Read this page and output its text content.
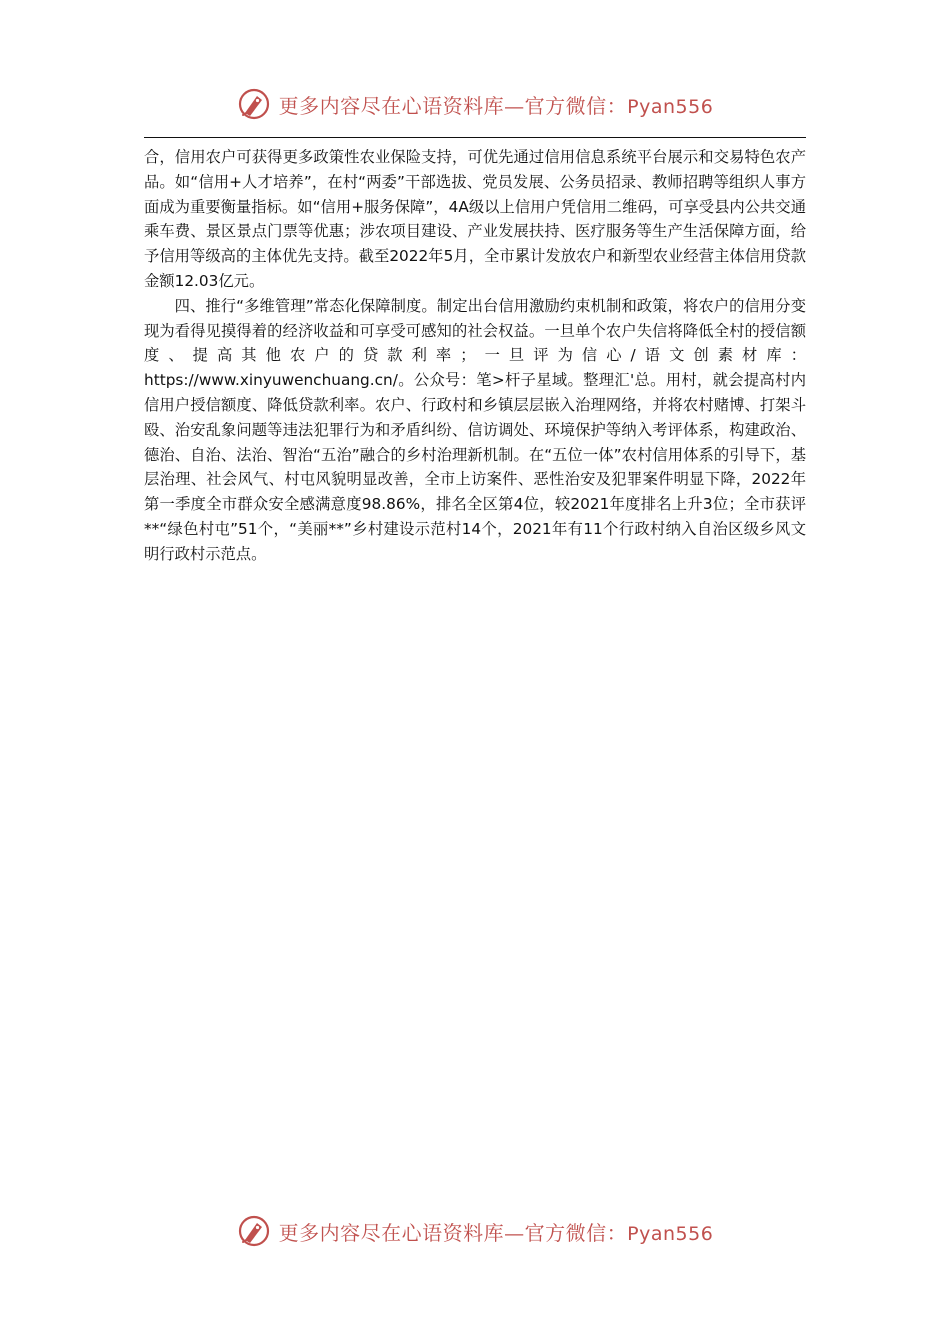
更多内容尽在心语资料库—官方微信：Pyan556

合，信用农户可获得更多政策性农业保险支持，可优先通过信用信息系统平台展示和交易特色农产品。如“信用+人才培养”，在村“两委”干部选拔、党员发展、公务员招录、教师招聘等组织人事方面成为重要衡量指标。如“信用+服务保障”，4A级以上信用户凭信用二维码，可享受县内公共交通乘车费、景区景点门票等优惠；涉农项目建设、产业发展扶持、医疗服务等生产生活保障方面，给予信用等级高的主体优先支持。截至2022年5月，全市累计发放农户和新型农业经营主体信用贷款金额12.03亿元。

四、推行“多维管理”常态化保障制度。制定出台信用激励约束机制和政策，将农户的信用分变现为看得见摸得着的经济收益和可享受可感知的社会权益。一旦单个农户失信将降低全村的授信额度、提高其他农户的贷款利率；一旦评为信心/语文创素材库：https://www.xinyuwenchuang.cn/。公众号：笔>杆子星域。整理汇'总。用村，就会提高村内信用户授信额度、降低贷款利率。农户、行政村和乡镇层层嵌入治理网络，并将农村赌博、打架斗殴、治安乱象问题等违法犯罪行为和矛盾纠纷、信访调处、环境保护等纳入考评体系，构建政治、德治、自治、法治、智治“五治”融合的乡村治理新机制。在“五位一体”农村信用体系的引导下，基层治理、社会风气、村屯风貌明显改善，全市上访案件、恶性治安及犯罪案件明显下降，2022年第一季度全市群众安全感满意度98.86%，排名全区第4位，较2021年度排名上升3位；全市获评**“绿色村屯”51个，“美丽**”乡村建设示范村14个，2021年有11个行政村纳入自治区级乡风文明行政村示范点。

更多内容尽在心语资料库—官方微信：Pyan556
